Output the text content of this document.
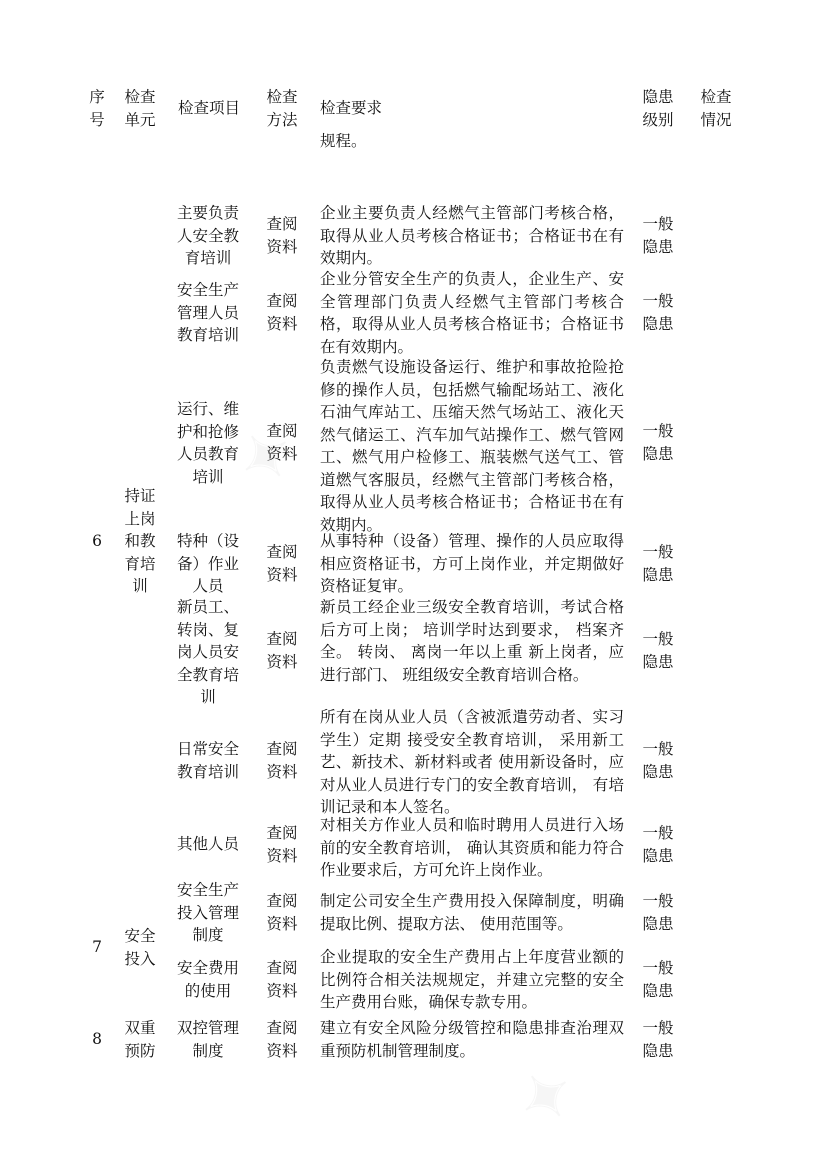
序号
检查单元
检查项目
检查方法
检查要求
隐患级别
检查情况
规程。
6
持证上岗和教育培训
主要负责人安全教育培训
查阅资料
企业主要负责人经燃气主管部门考核合格，取得从业人员考核合格证书；合格证书在有效期内。
一般隐患
安全生产管理人员教育培训
查阅资料
企业分管安全生产的负责人，企业生产、安全管理部门负责人经燃气主管部门考核合格，取得从业人员考核合格证书；合格证书在有效期内。
一般隐患
运行、维护和抢修人员教育培训
查阅资料
负责燃气设施设备运行、维护和事故抢险抢修的操作人员，包括燃气输配场站工、液化石油气库站工、压缩天然气场站工、液化天然气储运工、汽车加气站操作工、燃气管网工、燃气用户检修工、瓶装燃气送气工、管道燃气客服员，经燃气主管部门考核合格，取得从业人员考核合格证书；合格证书在有效期内。
一般隐患
特种（设备）作业人员
查阅资料
从事特种（设备）管理、操作的人员应取得相应资格证书，方可上岗作业，并定期做好资格证复审。
一般隐患
新员工、转岗、复岗人员安全教育培训
查阅资料
新员工经企业三级安全教育培训，考试合格后方可上岗； 培训学时达到要求， 档案齐全。 转岗、 离岗一年以上重 新上岗者，应进行部门、 班组级安全教育培训合格。
一般隐患
日常安全教育培训
查阅资料
所有在岗从业人员（含被派遣劳动者、实习学生）定期 接受安全教育培训， 采用新工艺、新技术、新材料或者 使用新设备时，应对从业人员进行专门的安全教育培训， 有培训记录和本人签名。
一般隐患
其他人员
查阅资料
对相关方作业人员和临时聘用人员进行入场前的安全教育培训， 确认其资质和能力符合作业要求后，方可允许上岗作业。
一般隐患
7
安全投入
安全生产投入管理制度
查阅资料
制定公司安全生产费用投入保障制度，明确提取比例、提取方法、 使用范围等。
一般隐患
安全费用的使用
查阅资料
企业提取的安全生产费用占上年度营业额的比例符合相关法规规定，并建立完整的安全生产费用台账，确保专款专用。
一般隐患
8
双重预防
双控管理制度
查阅资料
建立有安全风险分级管控和隐患排查治理双重预防机制管理制度。
一般隐患
